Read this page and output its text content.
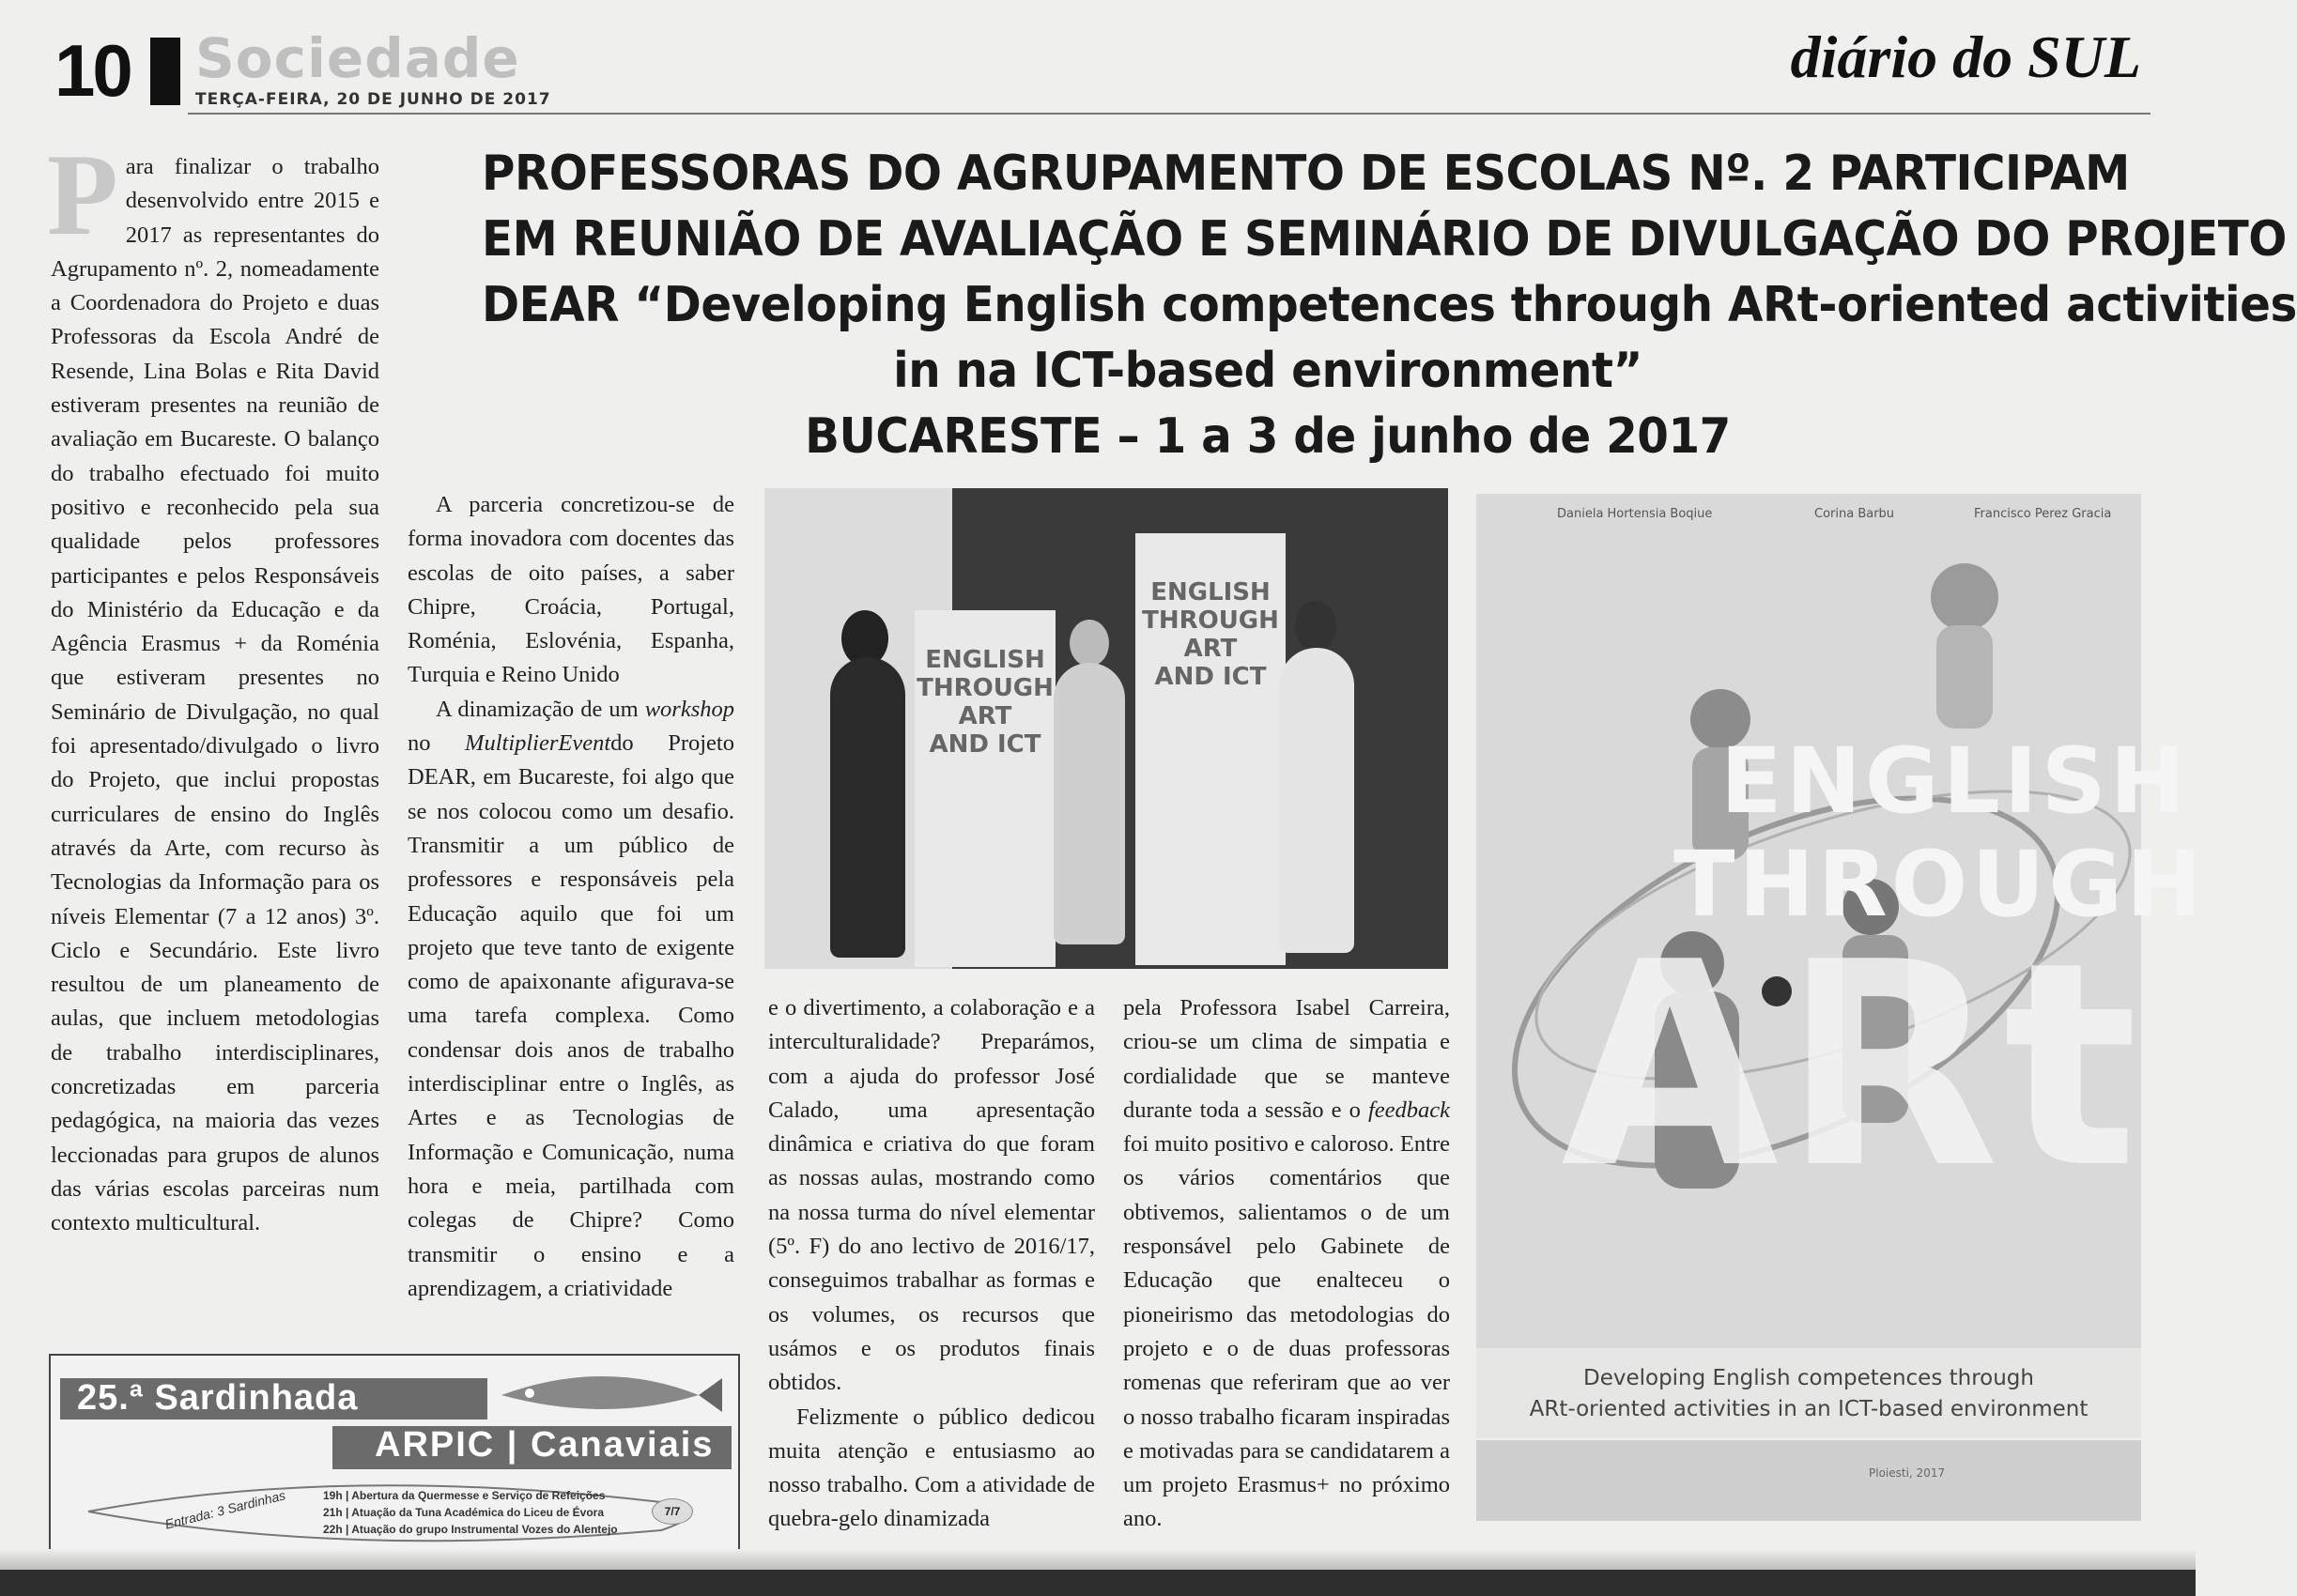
10 Sociedade
TERÇA-FEIRA, 20 DE JUNHO DE 2017
diário do SUL
PROFESSORAS DO AGRUPAMENTO DE ESCOLAS Nº. 2 PARTICIPAM
EM REUNIÃO DE AVALIAÇÃO E SEMINÁRIO DE DIVULGAÇÃO DO PROJETO
DEAR “Developing English competences through ARt-oriented activities
in na ICT-based environment”
BUCARESTE – 1 a 3 de junho de 2017
P ara finalizar o trabalho desenvolvido entre 2015 e 2017 as representantes do Agrupamento nº. 2, nomeadamente a Coordenadora do Projeto e duas Professoras da Escola André de Resende, Lina Bolas e Rita David estiveram presentes na reunião de avaliação em Bucareste. O balanço do trabalho efectuado foi muito positivo e reconhecido pela sua qualidade pelos professores participantes e pelos Responsáveis do Ministério da Educação e da Agência Erasmus + da Roménia que estiveram presentes no Seminário de Divulgação, no qual foi apresentado/divulgado o livro do Projeto, que inclui propostas curriculares de ensino do Inglês através da Arte, com recurso às Tecnologias da Informação para os níveis Elementar (7 a 12 anos) 3º. Ciclo e Secundário. Este livro resultou de um planeamento de aulas, que incluem metodologias de trabalho interdisciplinares, concretizadas em parceria pedagógica, na maioria das vezes leccionadas para grupos de alunos das várias escolas parceiras num contexto multicultural.

A parceria concretizou-se de forma inovadora com docentes das escolas de oito países, a saber Chipre, Croácia, Portugal, Roménia, Eslovénia, Espanha, Turquia e Reino Unido

A dinamização de um workshop no MultiplierEventdo Projeto DEAR, em Bucareste, foi algo que se nos colocou como um desafio. Transmitir a um público de professores e responsáveis pela Educação aquilo que foi um projeto que teve tanto de exigente como de apaixonante afigurava-se uma tarefa complexa. Como condensar dois anos de trabalho interdisciplinar entre o Inglês, as Artes e as Tecnologias de Informação e Comunicação, numa hora e meia, partilhada com colegas de Chipre? Como transmitir o ensino e a aprendizagem, a criatividade

ENGLISH
THROUGH
ART
AND ICT
ENGLISH
THROUGH
ART
AND ICT

e o divertimento, a colaboração e a interculturalidade? Preparámos, com a ajuda do professor José Calado, uma apresentação dinâmica e criativa do que foram as nossas aulas, mostrando como na nossa turma do nível elementar (5º. F) do ano lectivo de 2016/17, conseguimos trabalhar as formas e os volumes, os recursos que usámos e os produtos finais obtidos.

Felizmente o público dedicou muita atenção e entusiasmo ao nosso trabalho. Com a atividade de quebra-gelo dinamizada

pela Professora Isabel Carreira, criou-se um clima de simpatia e cordialidade que se manteve durante toda a sessão e o feedback foi muito positivo e caloroso. Entre os vários comentários que obtivemos, salientamos o de um responsável pelo Gabinete de Educação que enalteceu o pioneirismo das metodologias do projeto e o de duas professoras romenas que referiram que ao ver o nosso trabalho ficaram inspiradas e motivadas para se candidatarem a um projeto Erasmus+ no próximo ano.

Daniela Hortensia Boqiue	Corina Barbu	Francisco Perez Gracia
ENGLISH
THROUGH
ARt
Developing English competences through
ARt-oriented activities in an ICT-based environment
Ploiesti, 2017
25.ª Sardinhada
ARPIC | Canaviais
Entrada: 3 Sardinhas	19h | Abertura da Quermesse e Serviço de Refeições
21h | Atuação da Tuna Académica do Liceu de Évora
22h | Atuação do grupo Instrumental Vozes do Alentejo
7/7
